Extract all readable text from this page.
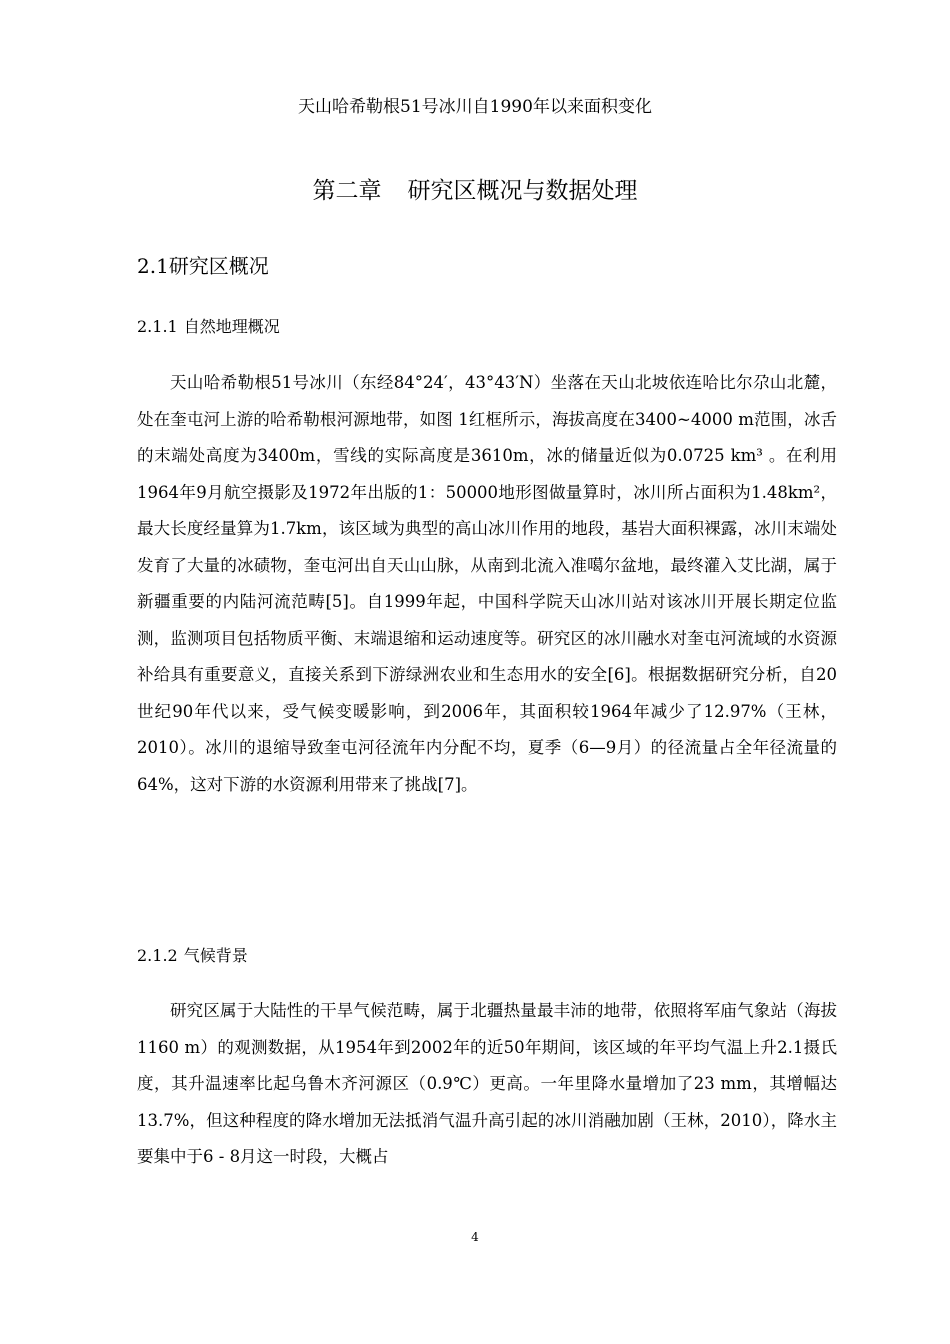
天山哈希勒根51号冰川自1990年以来面积变化
第二章 研究区概况与数据处理
2.1研究区概况
2.1.1 自然地理概况

天山哈希勒根51号冰川（东经84°24′，43°43′N）坐落在天山北坡依连哈比尔尕山北麓，处在奎屯河上游的哈希勒根河源地带，如图 1红框所示，海拔高度在3400~4000 m范围，冰舌的末端处高度为3400m，雪线的实际高度是3610m，冰的储量近似为0.0725 km³ 。在利用1964年9月航空摄影及1972年出版的1：50000地形图做量算时，冰川所占面积为1.48km²，最大长度经量算为1.7km，该区域为典型的高山冰川作用的地段，基岩大面积裸露，冰川末端处发育了大量的冰碛物，奎屯河出自天山山脉，从南到北流入准噶尔盆地，最终灌入艾比湖，属于新疆重要的内陆河流范畴[5]。自1999年起，中国科学院天山冰川站对该冰川开展长期定位监测，监测项目包括物质平衡、末端退缩和运动速度等。研究区的冰川融水对奎屯河流域的水资源补给具有重要意义，直接关系到下游绿洲农业和生态用水的安全[6]。根据数据研究分析，自20世纪90年代以来，受气候变暖影响，到2006年，其面积较1964年减少了12.97%（王林，2010）。冰川的退缩导致奎屯河径流年内分配不均，夏季（6—9月）的径流量占全年径流量的64%，这对下游的水资源利用带来了挑战[7]。

2.1.2 气候背景

研究区属于大陆性的干旱气候范畴，属于北疆热量最丰沛的地带，依照将军庙气象站（海拔1160 m）的观测数据，从1954年到2002年的近50年期间，该区域的年平均气温上升2.1摄氏度，其升温速率比起乌鲁木齐河源区（0.9℃）更高。一年里降水量增加了23 mm，其增幅达13.7%，但这种程度的降水增加无法抵消气温升高引起的冰川消融加剧（王林，2010），降水主要集中于6 - 8月这一时段，大概占

4
